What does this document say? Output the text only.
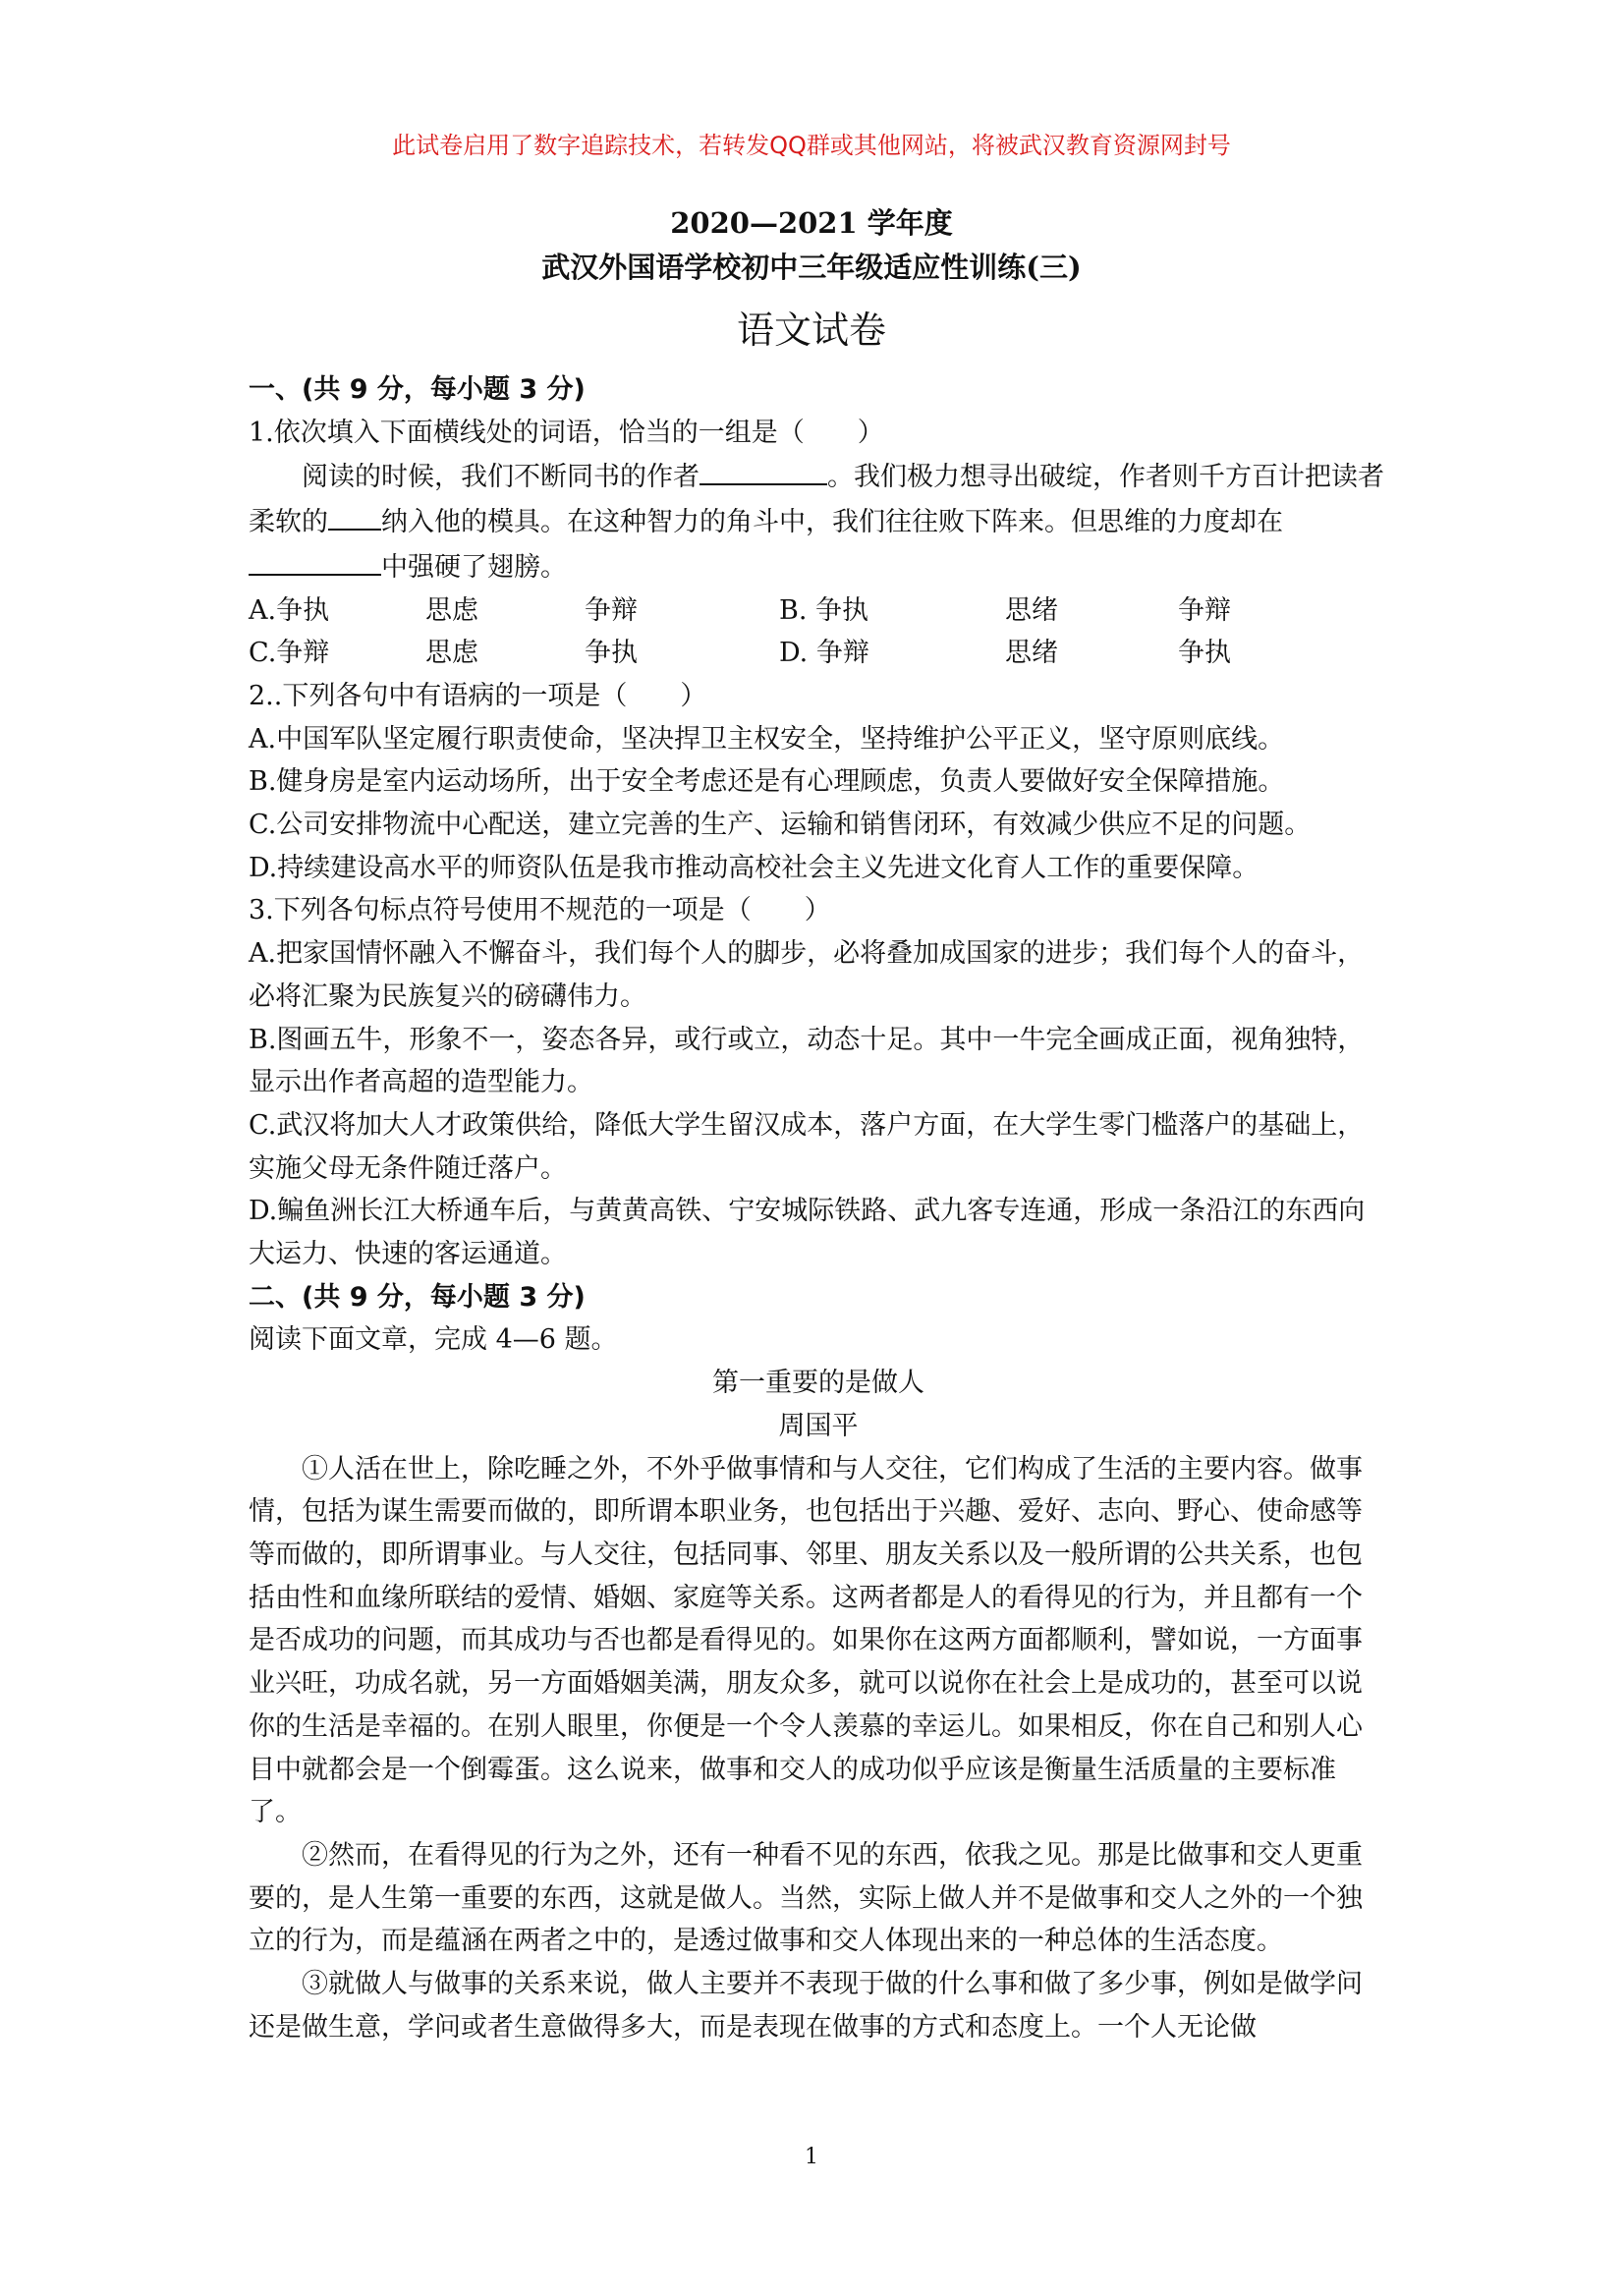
此试卷启用了数字追踪技术，若转发QQ群或其他网站，将被武汉教育资源网封号
2020—2021 学年度
武汉外国语学校初中三年级适应性训练(三)
语文试卷

一、(共 9 分，每小题 3 分)

1.依次填入下面横线处的词语，恰当的一组是（　　）

阅读的时候，我们不断同书的作者	。我们极力想寻出破绽，作者则千方百计把读者柔软的 纳入他的模具。在这种智力的角斗中，我们往往败下阵来。但思维的力度却在中强硬了翅膀。

A.争执	思虑	争辩	B. 争执	思绪	争辩
C.争辩	思虑	争执	D. 争辩	思绪	争执

2..下列各句中有语病的一项是（　　）

A.中国军队坚定履行职责使命，坚决捍卫主权安全，坚持维护公平正义，坚守原则底线。

B.健身房是室内运动场所，出于安全考虑还是有心理顾虑，负责人要做好安全保障措施。

C.公司安排物流中心配送，建立完善的生产、运输和销售闭环，有效减少供应不足的问题。

D.持续建设高水平的师资队伍是我市推动高校社会主义先进文化育人工作的重要保障。

3.下列各句标点符号使用不规范的一项是（　　）

A.把家国情怀融入不懈奋斗，我们每个人的脚步，必将叠加成国家的进步；我们每个人的奋斗，必将汇聚为民族复兴的磅礴伟力。

B.图画五牛，形象不一，姿态各异，或行或立，动态十足。其中一牛完全画成正面，视角独特，显示出作者高超的造型能力。

C.武汉将加大人才政策供给，降低大学生留汉成本，落户方面，在大学生零门槛落户的基础上，实施父母无条件随迁落户。

D.鳊鱼洲长江大桥通车后，与黄黄高铁、宁安城际铁路、武九客专连通，形成一条沿江的东西向大运力、快速的客运通道。

二、(共 9 分，每小题 3 分)

阅读下面文章，完成 4—6 题。

第一重要的是做人

周国平

①人活在世上，除吃睡之外，不外乎做事情和与人交往，它们构成了生活的主要内容。做事情，包括为谋生需要而做的，即所谓本职业务，也包括出于兴趣、爱好、志向、野心、使命感等等而做的，即所谓事业。与人交往，包括同事、邻里、朋友关系以及一般所谓的公共关系，也包括由性和血缘所联结的爱情、婚姻、家庭等关系。这两者都是人的看得见的行为，并且都有一个是否成功的问题，而其成功与否也都是看得见的。如果你在这两方面都顺利，譬如说，一方面事业兴旺，功成名就，另一方面婚姻美满，朋友众多，就可以说你在社会上是成功的，甚至可以说你的生活是幸福的。在别人眼里，你便是一个令人羡慕的幸运儿。如果相反，你在自己和别人心目中就都会是一个倒霉蛋。这么说来，做事和交人的成功似乎应该是衡量生活质量的主要标准了。

②然而，在看得见的行为之外，还有一种看不见的东西，依我之见。那是比做事和交人更重要的，是人生第一重要的东西，这就是做人。当然，实际上做人并不是做事和交人之外的一个独立的行为，而是蕴涵在两者之中的，是透过做事和交人体现出来的一种总体的生活态度。

③就做人与做事的关系来说，做人主要并不表现于做的什么事和做了多少事，例如是做学问还是做生意，学问或者生意做得多大，而是表现在做事的方式和态度上。一个人无论做

1
